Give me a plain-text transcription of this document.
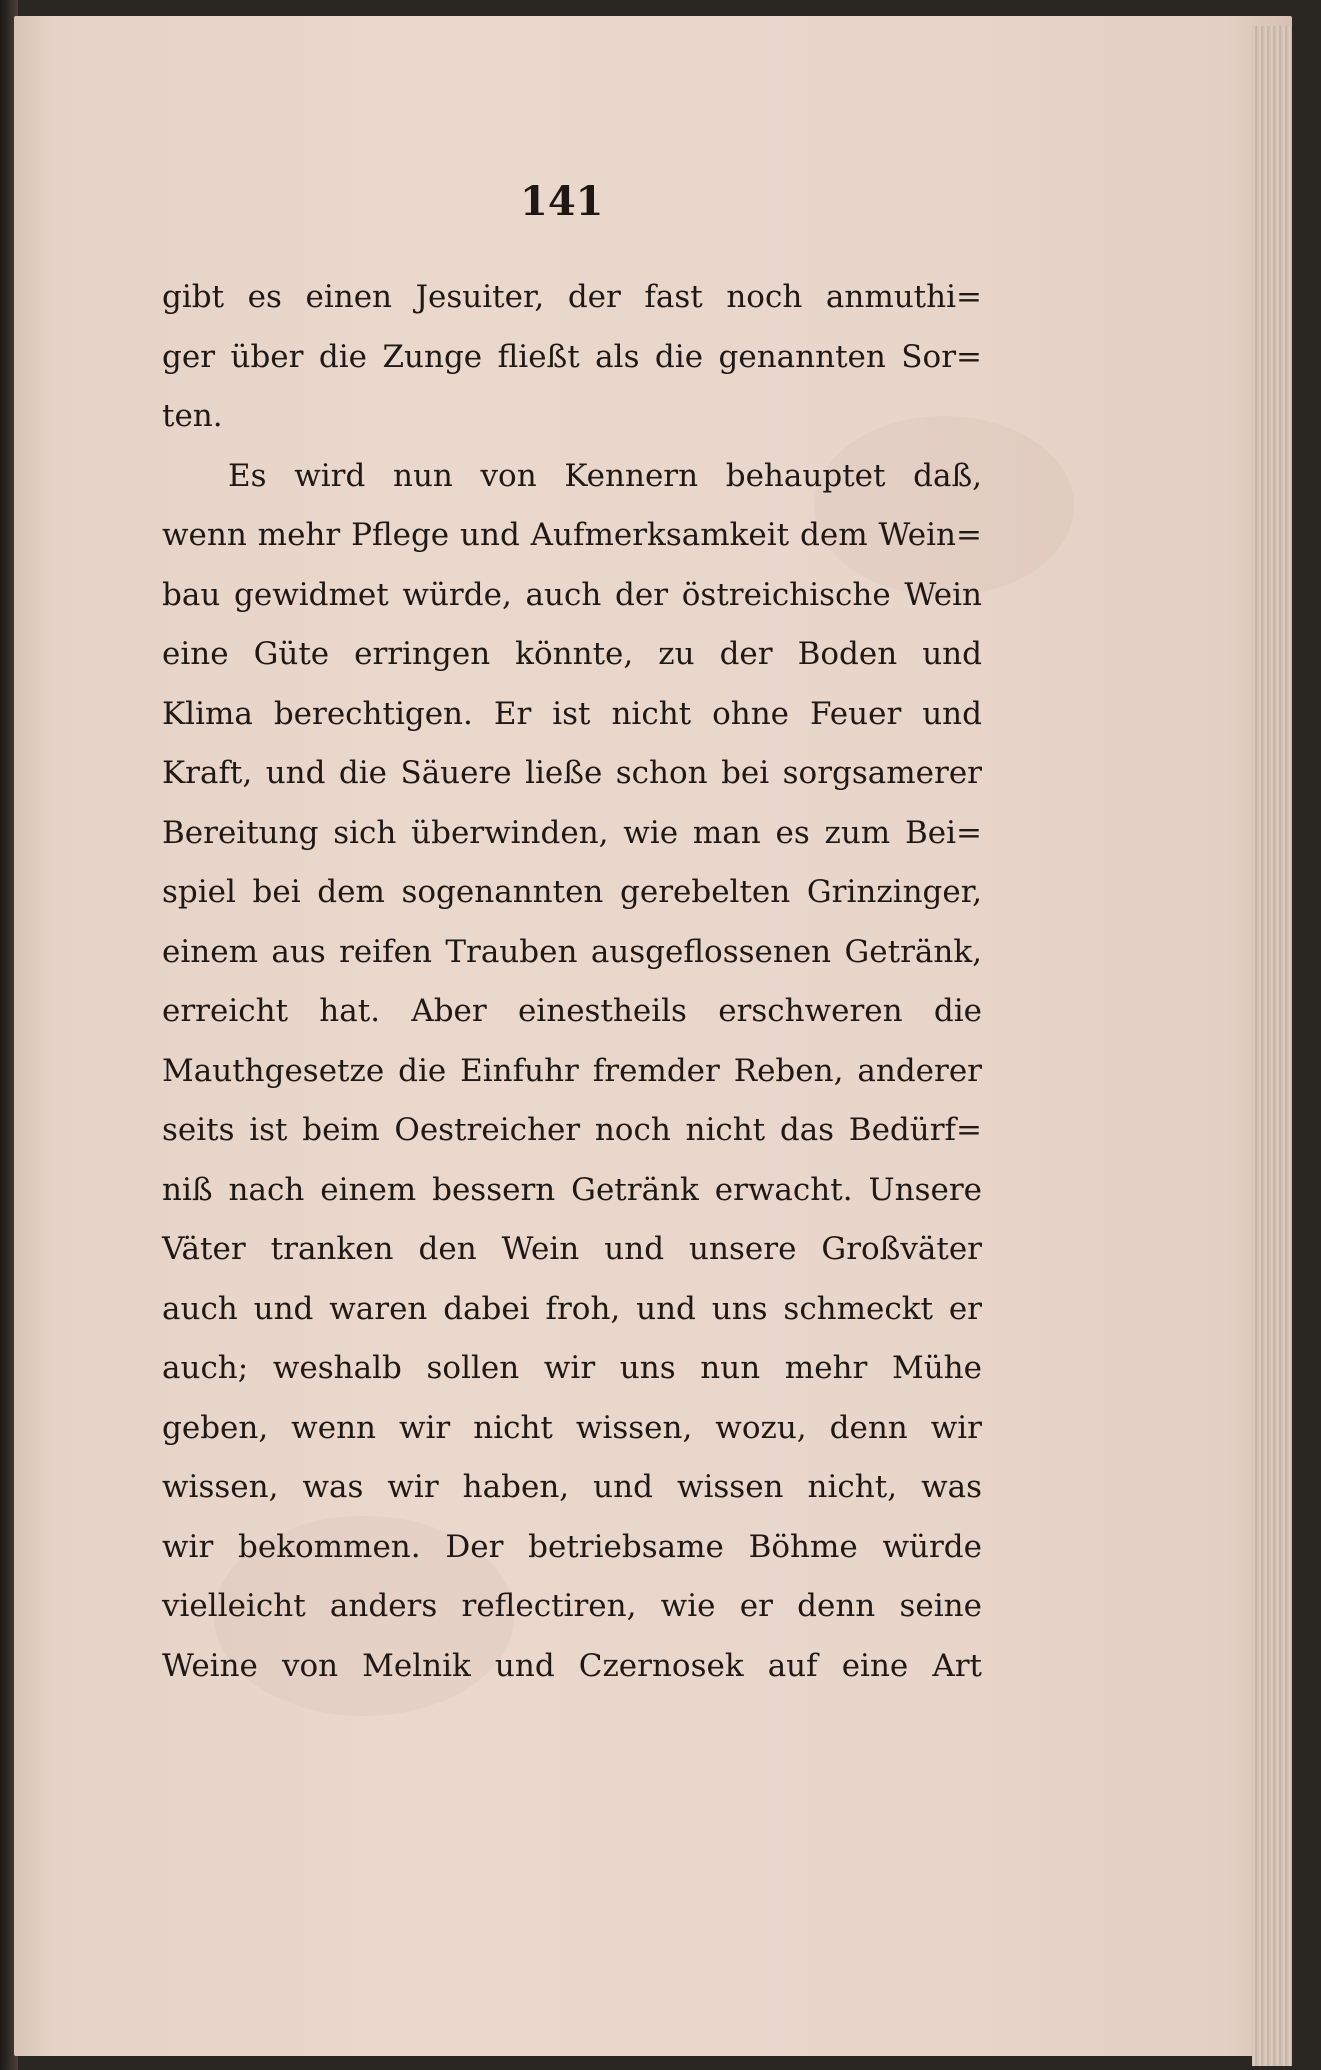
141
gibt es einen Jesuiter, der fast noch anmuthi=
ger über die Zunge fließt als die genannten Sor=
ten.
Es wird nun von Kennern behauptet daß,
wenn mehr Pflege und Aufmerksamkeit dem Wein=
bau gewidmet würde, auch der östreichische Wein
eine Güte erringen könnte, zu der Boden und
Klima berechtigen. Er ist nicht ohne Feuer und
Kraft, und die Säuere ließe schon bei sorgsamerer
Bereitung sich überwinden, wie man es zum Bei=
spiel bei dem sogenannten gerebelten Grinzinger,
einem aus reifen Trauben ausgeflossenen Getränk,
erreicht hat. Aber einestheils erschweren die
Mauthgesetze die Einfuhr fremder Reben, anderer
seits ist beim Oestreicher noch nicht das Bedürf=
niß nach einem bessern Getränk erwacht. Unsere
Väter tranken den Wein und unsere Großväter
auch und waren dabei froh, und uns schmeckt er
auch; weshalb sollen wir uns nun mehr Mühe
geben, wenn wir nicht wissen, wozu, denn wir
wissen, was wir haben, und wissen nicht, was
wir bekommen. Der betriebsame Böhme würde
vielleicht anders reflectiren, wie er denn seine
Weine von Melnik und Czernosek auf eine Art
